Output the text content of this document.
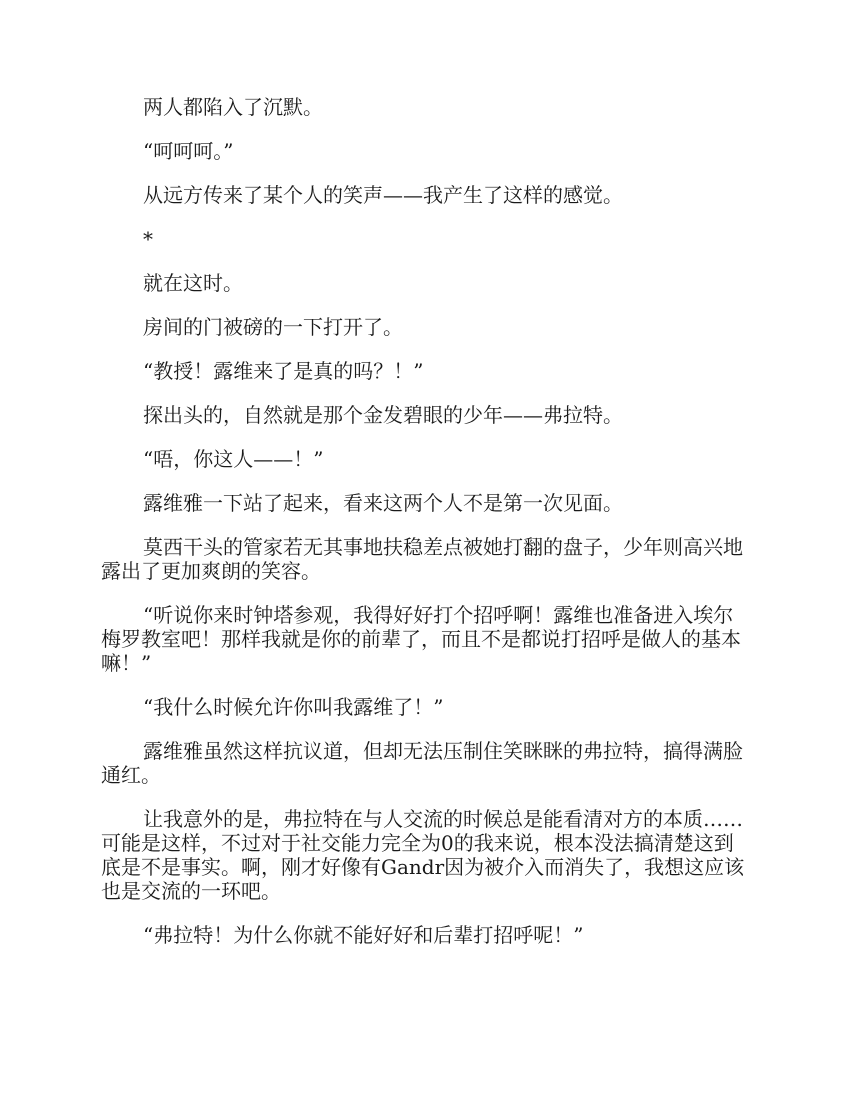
两人都陷入了沉默。

“呵呵呵。”

从远方传来了某个人的笑声——我产生了这样的感觉。

*

就在这时。

房间的门被磅的一下打开了。

“教授！露维来了是真的吗？！”

探出头的，自然就是那个金发碧眼的少年——弗拉特。

“唔，你这人——！”

露维雅一下站了起来，看来这两个人不是第一次见面。

莫西干头的管家若无其事地扶稳差点被她打翻的盘子，少年则高兴地露出了更加爽朗的笑容。

“听说你来时钟塔参观，我得好好打个招呼啊！露维也准备进入埃尔梅罗教室吧！那样我就是你的前辈了，而且不是都说打招呼是做人的基本嘛！”

“我什么时候允许你叫我露维了！”

露维雅虽然这样抗议道，但却无法压制住笑眯眯的弗拉特，搞得满脸通红。

让我意外的是，弗拉特在与人交流的时候总是能看清对方的本质……可能是这样，不过对于社交能力完全为0的我来说，根本没法搞清楚这到底是不是事实。啊，刚才好像有Gandr因为被介入而消失了，我想这应该也是交流的一环吧。

“弗拉特！为什么你就不能好好和后辈打招呼呢！”
